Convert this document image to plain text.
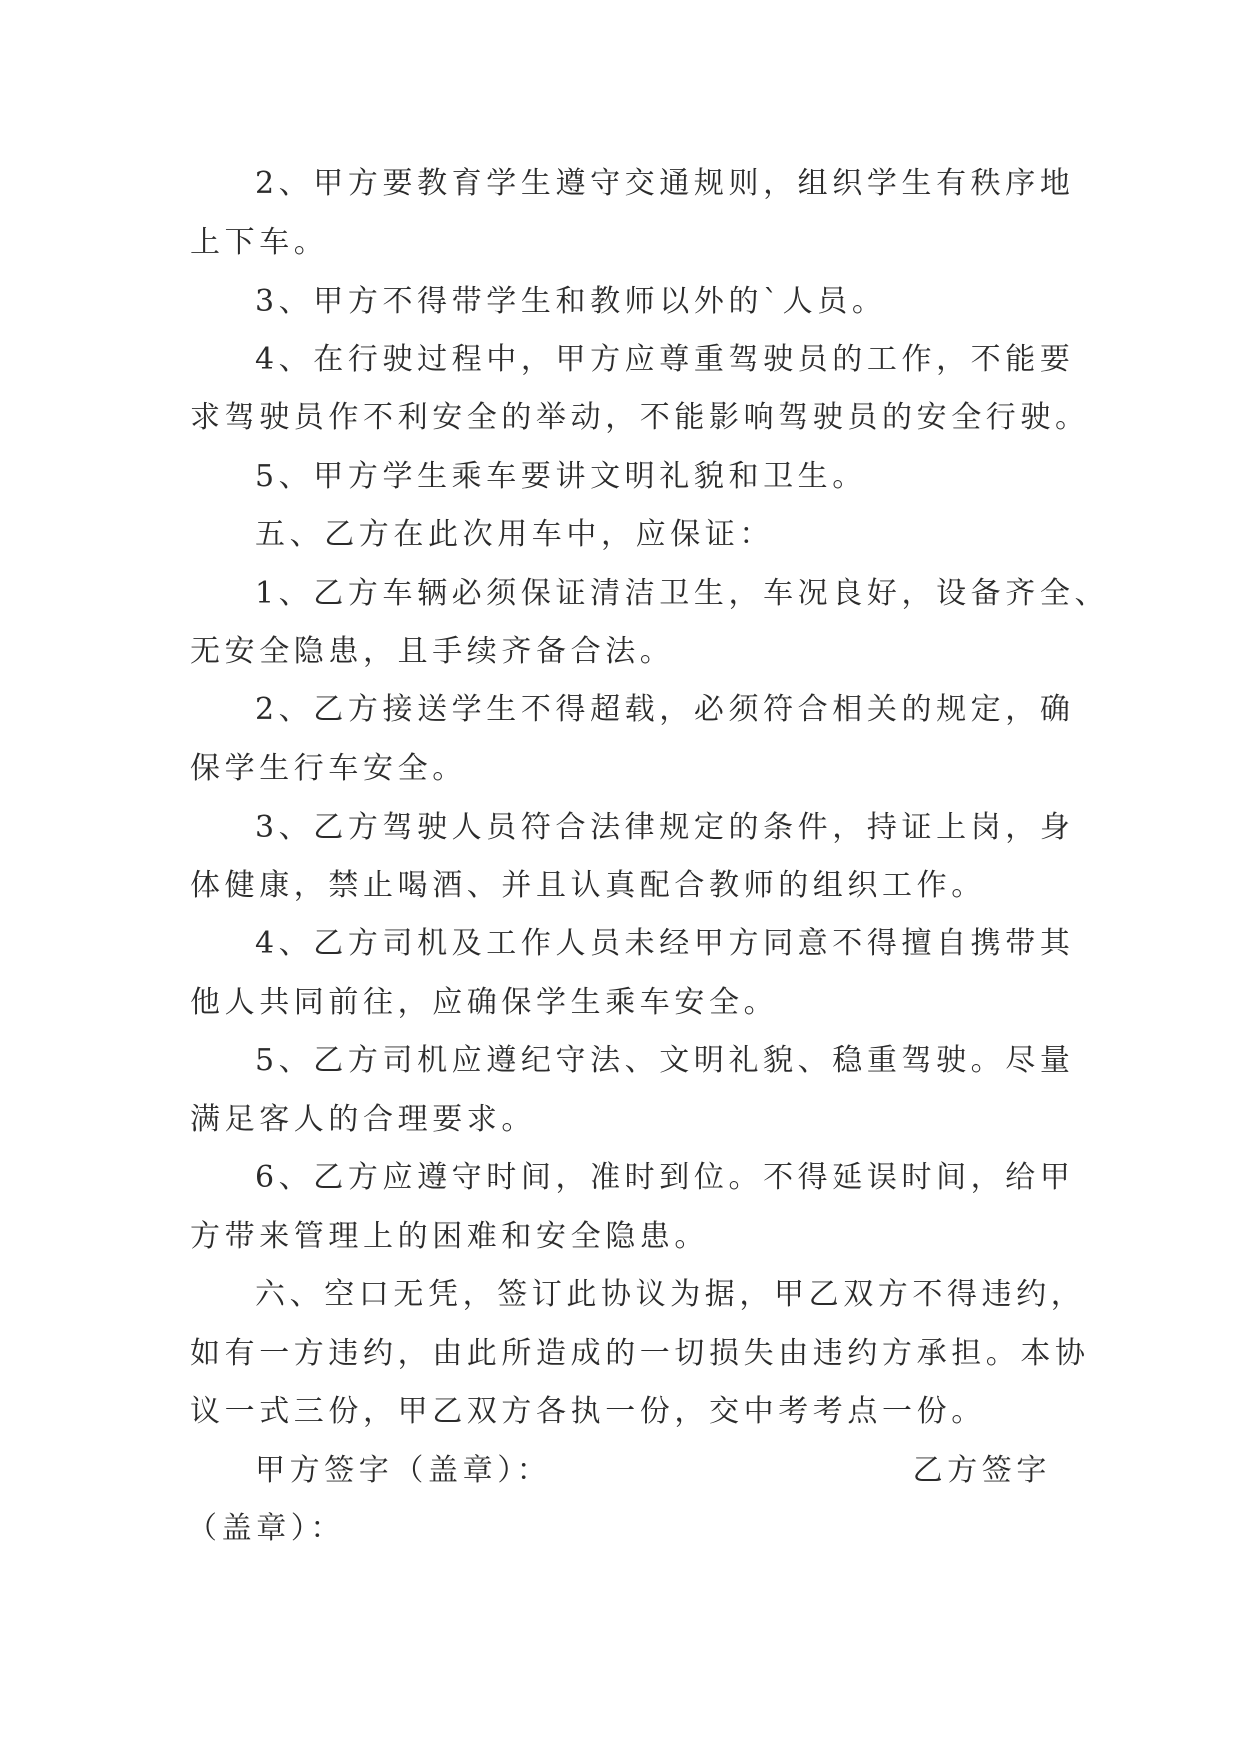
2、甲方要教育学生遵守交通规则，组织学生有秩序地
上下车。
3、甲方不得带学生和教师以外的`人员。
4、在行驶过程中，甲方应尊重驾驶员的工作，不能要
求驾驶员作不利安全的举动，不能影响驾驶员的安全行驶。
5、甲方学生乘车要讲文明礼貌和卫生。
五、乙方在此次用车中，应保证：
1、乙方车辆必须保证清洁卫生，车况良好，设备齐全、
无安全隐患，且手续齐备合法。
2、乙方接送学生不得超载，必须符合相关的规定，确
保学生行车安全。
3、乙方驾驶人员符合法律规定的条件，持证上岗，身
体健康，禁止喝酒、并且认真配合教师的组织工作。
4、乙方司机及工作人员未经甲方同意不得擅自携带其
他人共同前往，应确保学生乘车安全。
5、乙方司机应遵纪守法、文明礼貌、稳重驾驶。尽量
满足客人的合理要求。
6、乙方应遵守时间，准时到位。不得延误时间，给甲
方带来管理上的困难和安全隐患。
六、空口无凭，签订此协议为据，甲乙双方不得违约，
如有一方违约，由此所造成的一切损失由违约方承担。本协
议一式三份，甲乙双方各执一份，交中考考点一份。
甲方签字（盖章）：	乙方签字
（盖章）：
